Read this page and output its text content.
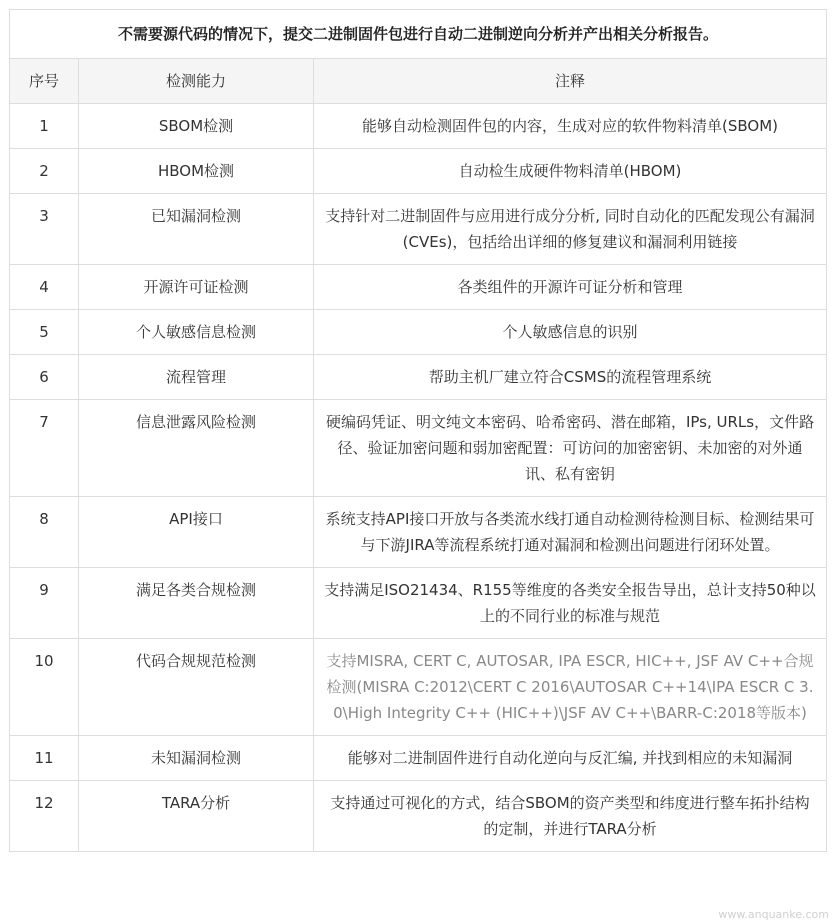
不需要源代码的情况下，提交二进制固件包进行自动二进制逆向分析并产出相关分析报告。		
序号	检测能力	注释
1	SBOM检测	能够自动检测固件包的内容，生成对应的软件物料清单(SBOM)
2	HBOM检测	自动检生成硬件物料清单(HBOM)
3	已知漏洞检测	支持针对二进制固件与应用进行成分分析, 同时自动化的匹配发现公有漏洞(CVEs)，包括给出详细的修复建议和漏洞利用链接
4	开源许可证检测	各类组件的开源许可证分析和管理
5	个人敏感信息检测	个人敏感信息的识别
6	流程管理	帮助主机厂建立符合CSMS的流程管理系统
7	信息泄露风险检测	硬编码凭证、明文纯文本密码、哈希密码、潜在邮箱，IPs, URLs，文件路径、验证加密问题和弱加密配置：可访问的加密密钥、未加密的对外通讯、私有密钥
8	API接口	系统支持API接口开放与各类流水线打通自动检测待检测目标、检测结果可与下游JIRA等流程系统打通对漏洞和检测出问题进行闭环处置。
9	满足各类合规检测	支持满足ISO21434、R155等维度的各类安全报告导出，总计支持50种以上的不同行业的标准与规范
10	代码合规规范检测	支持MISRA, CERT C, AUTOSAR, IPA ESCR, HIC++, JSF AV C++合规检测(MISRA C:2012\CERT C 2016\AUTOSAR C++14\IPA ESCR C 3.0\High Integrity C++ (HIC++)\JSF AV C++\BARR-C:2018等版本)
11	未知漏洞检测	能够对二进制固件进行自动化逆向与反汇编, 并找到相应的未知漏洞
12	TARA分析	支持通过可视化的方式，结合SBOM的资产类型和纬度进行整车拓扑结构的定制，并进行TARA分析
www.anquanke.com
